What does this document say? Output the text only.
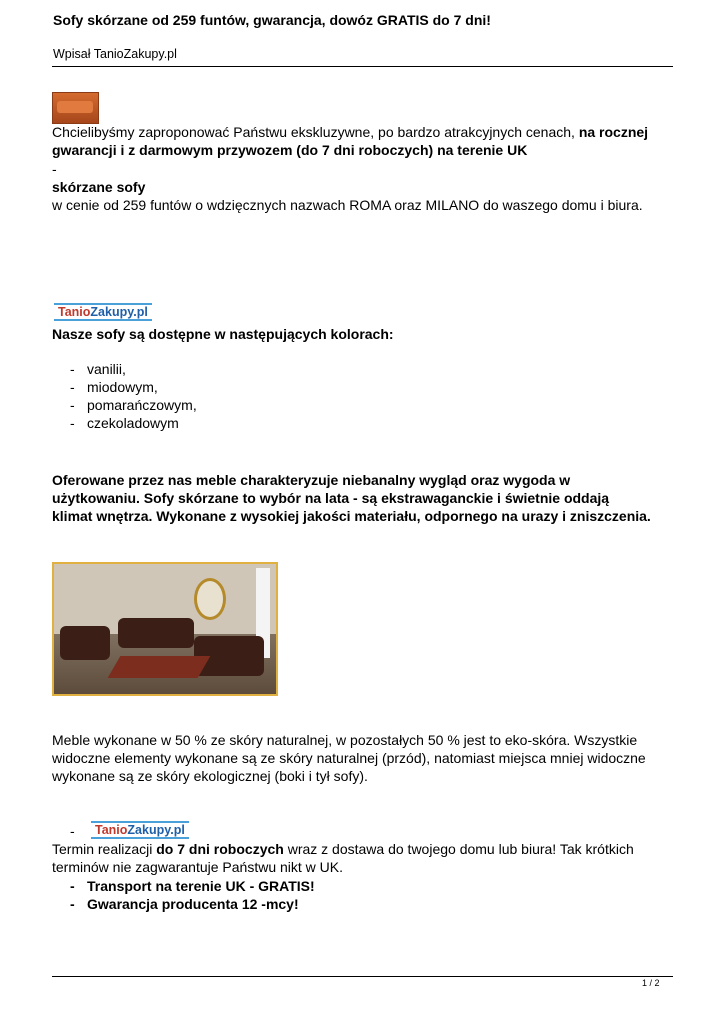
Sofy skórzane od 259 funtów, gwarancja, dowóz GRATIS do 7 dni!
Wpisał TanioZakupy.pl
Chcielibyśmy zaproponować Państwu ekskluzywne, po bardzo atrakcyjnych cenach, na rocznej gwarancji i z darmowym przywozem (do 7 dni roboczych) na terenie UK
-
skórzane sofy
w cenie od 259 funtów o wdzięcznych nazwach ROMA oraz MILANO do waszego domu i biura.
TanioZakupy.pl
Nasze sofy są dostępne w następujących kolorach:
- vanilii,
- miodowym,
- pomarańczowym,
- czekoladowym
Oferowane przez nas meble charakteryzuje niebanalny wygląd oraz wygoda w użytkowaniu. Sofy skórzane to wybór na lata - są ekstrawaganckie i świetnie oddają klimat wnętrza. Wykonane z wysokiej jakości materiału, odpornego na urazy i zniszczenia.
Meble wykonane w 50 % ze skóry naturalnej, w pozostałych 50 % jest to eko-skóra. Wszystkie widoczne elementy wykonane są ze skóry naturalnej (przód), natomiast miejsca mniej widoczne wykonane są ze skóry ekologicznej (boki i tył sofy).
-	TanioZakupy.pl
Termin realizacji do 7 dni roboczych wraz z dostawa do twojego domu lub biura! Tak krótkich terminów nie zagwarantuje Państwu nikt w UK.
- Transport na terenie UK - GRATIS!
- Gwarancja producenta 12 -mcy!
1 / 2
